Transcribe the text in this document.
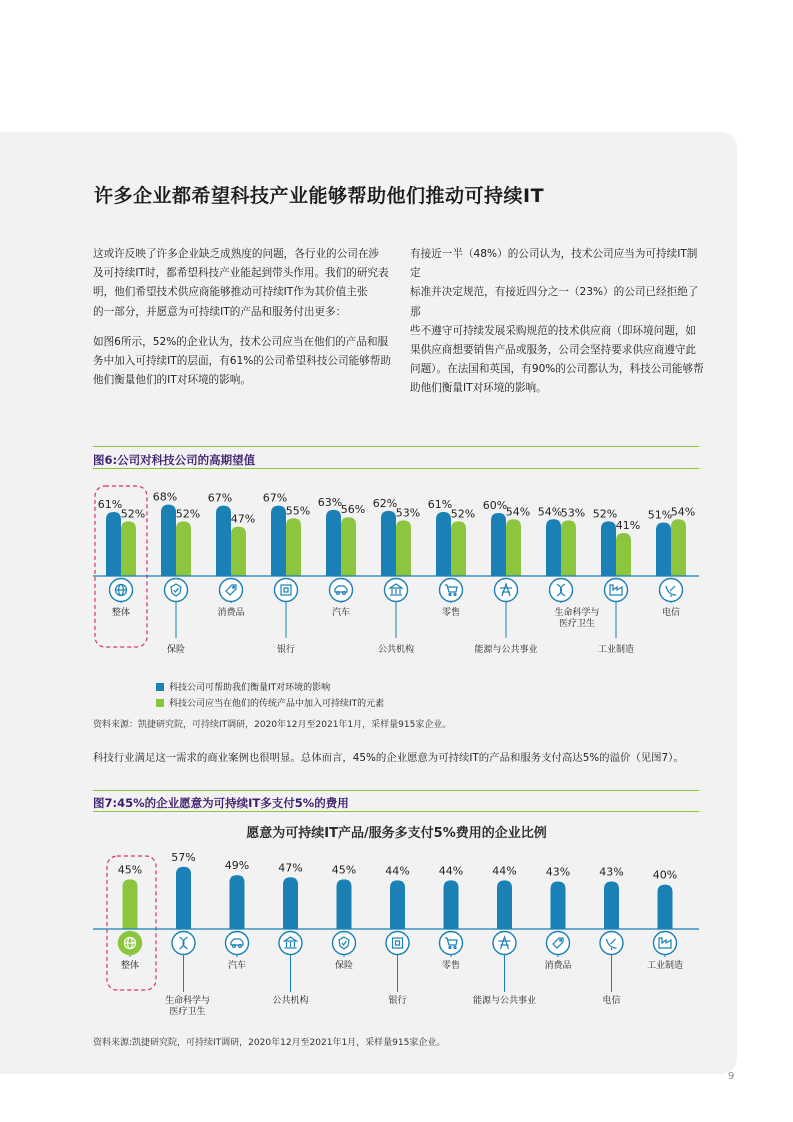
许多企业都希望科技产业能够帮助他们推动可持续IT
这或许反映了许多企业缺乏成熟度的问题，各行业的公司在涉
及可持续IT时，都希望科技产业能起到带头作用。我们的研究表
明，他们希望技术供应商能够推动可持续IT作为其价值主张
的一部分，并愿意为可持续IT的产品和服务付出更多：
如图6所示，52%的企业认为，技术公司应当在他们的产品和服
务中加入可持续IT的层面，有61%的公司希望科技公司能够帮助
他们衡量他们的IT对环境的影响。
有接近一半（48%）的公司认为，技术公司应当为可持续IT制定
标准并决定规范，有接近四分之一（23%）的公司已经拒绝了那
些不遵守可持续发展采购规范的技术供应商（即环境问题，如
果供应商想要销售产品或服务，公司会坚持要求供应商遵守此
问题）。在法国和英国，有90%的公司都认为，科技公司能够帮
助他们衡量IT对环境的影响。
图6:公司对科技公司的高期望值
科技公司可帮助我们衡量IT对环境的影响
科技公司应当在他们的传统产品中加入可持续IT的元素
资料来源：凯捷研究院，可持续IT调研，2020年12月至2021年1月，采样量915家企业。
科技行业满足这一需求的商业案例也很明显。总体而言，45%的企业愿意为可持续IT的产品和服务支付高达5%的溢价（见图7）。
图7:45%的企业愿意为可持续IT多支付5%的费用
愿意为可持续IT产品/服务多支付5%费用的企业比例
资料来源:凯捷研究院，可持续IT调研，2020年12月至2021年1月，采样量915家企业。
61%
52%
整体
68%
52%
保险
67%
47%
消费品
67%
55%
银行
63%
56%
汽车
62%
53%
公共机构
61%
52%
零售
60%
54%
能源与公共事业
54%
53%
生命科学与
医疗卫生
52%
41%
工业制造
51%
54%
电信
45%
整体
57%
生命科学与
医疗卫生
49%
汽车
47%
公共机构
45%
保险
44%
银行
44%
零售
44%
能源与公共事业
43%
消费品
43%
电信
40%
工业制造
9
